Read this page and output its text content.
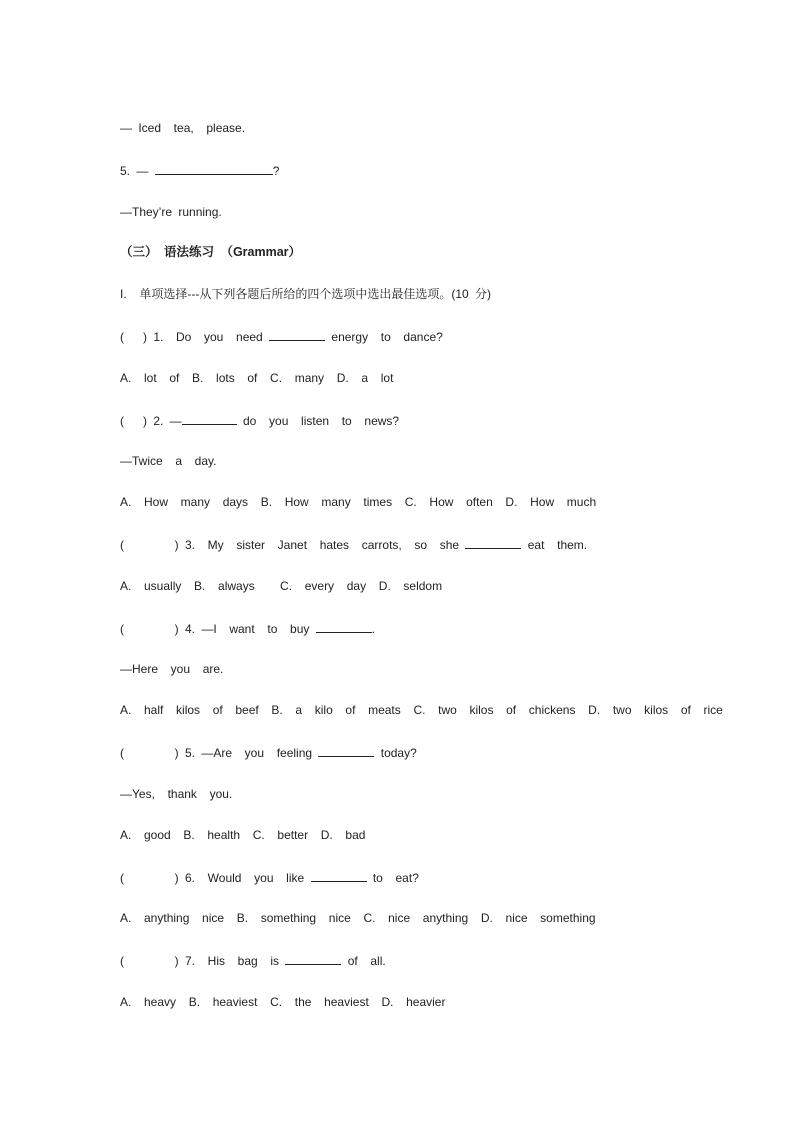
— Iced  tea,  please.
5. —	?
—They’re running.
（三） 语法练习 （Grammar）
I.  单项选择---从下列各题后所给的四个选项中选出最佳选项。(10 分)
(   ) 1.  Do  you  need	energy  to  dance?
A.  lot  of  B.  lots  of  C.  many  D.  a  lot
(   ) 2. —	do  you  listen  to  news?
—Twice  a  day.
A.  How  many  days  B.  How  many  times  C.  How  often  D.  How  much
(        ) 3.  My  sister  Janet  hates  carrots,  so  she	eat  them.
A.  usually  B.  always    C.  every  day  D.  seldom
(        ) 4. —I  want  to  buy	.
—Here  you  are.
A.  half  kilos  of  beef  B.  a  kilo  of  meats  C.  two  kilos  of  chickens  D.  two  kilos  of  rice
(        ) 5. —Are  you  feeling	today?
—Yes,  thank  you.
A.  good  B.  health  C.  better  D.  bad
(        ) 6.  Would  you  like	to  eat?
A.  anything  nice  B.  something  nice  C.  nice  anything  D.  nice  something
(        ) 7.  His  bag  is	of  all.
A.  heavy  B.  heaviest  C.  the  heaviest  D.  heavier
